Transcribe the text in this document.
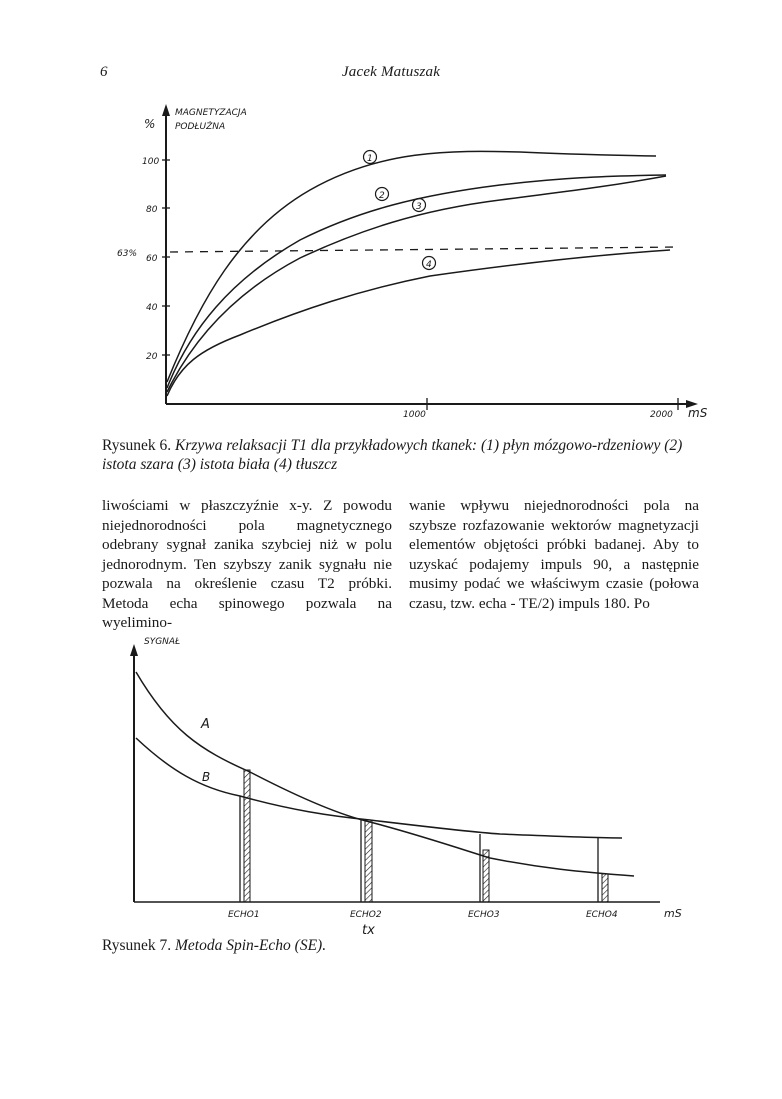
6	Jacek Matuszak
%
MAGNETYZACJA
PODŁUŻNA
100
80
60
40
20
63%
1000	2000 mS
1
2
3
4
Rysunek 6. Krzywa relaksacji T1 dla przykładowych tkanek: (1) płyn mózgowo-rdzeniowy (2) istota szara (3) istota biała (4) tłuszcz
liwościami w płaszczyźnie x-y. Z powodu niejednorodności pola magnetycznego odebrany sygnał zanika szybciej niż w polu jednorodnym. Ten szybszy zanik sygnału nie pozwala na określenie czasu T2 próbki. Metoda echa spinowego pozwala na wyelimino-
wanie wpływu niejednorodności pola na szybsze rozfazowanie wektorów magnetyzacji elementów objętości próbki badanej. Aby to uzyskać podajemy impuls 90, a następnie musimy podać we właściwym czasie (połowa czasu, tzw. echa - TE/2) impuls 180. Po
SYGNAŁ
A
B
ECHO1	ECHO2	ECHO3	ECHO4	mS
tx
Rysunek 7. Metoda Spin-Echo (SE).
